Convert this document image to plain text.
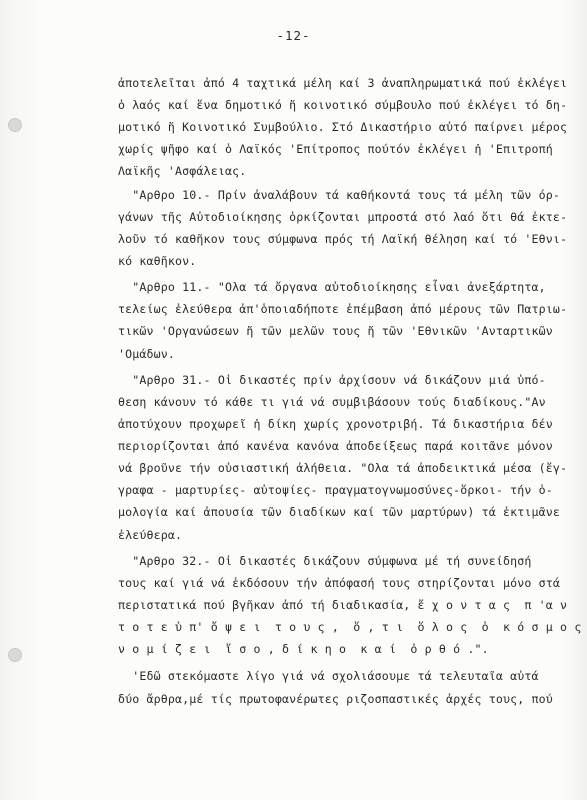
-12-
ἀποτελεῖται ἀπό 4 ταχτικά μέλη καί 3 ἀναπληρωματικά πού ἐκλέγει
ὁ λαός καί ἕνα δημοτικό ἤ κοινοτικό σύμβουλο πού ἐκλέγει τό δη-
μοτικό ἤ Κοινοτικό Συμβούλιο. Στό Δικαστήριο αὐτό παίρνει μέρος
χωρίς ψῆφο καί ὁ Λαϊκός 'Επίτροπος πούτόν ἐκλέγει ἡ 'Επιτροπή
Λαϊκῆς 'Ασφάλειας.
"Αρθρο 10.- Πρίν ἀναλάβουν τά καθήκοντά τους τά μέλη τῶν όρ-
γάνων τῆς Αὐτοδιοίκησης ὁρκίζονται μπροστά στό λαό ὅτι θά ἐκτε-
λοῦν τό καθῆκον τους σύμφωνα πρός τή Λαϊκή θέληση καί τό 'Εθνι-
κό καθῆκον.
"Αρθρο 11.- "Ολα τά ὄργανα αὐτοδιοίκησης εἶναι ἀνεξάρτητα,
τελείως ἐλεύθερα ἀπ'ὁποιαδήποτε ἐπέμβαση ἀπό μέρους τῶν Πατριω-
τικῶν 'Οργανώσεων ἤ τῶν μελῶν τους ἤ τῶν 'Εθνικῶν 'Ανταρτικῶν
'Ομάδων.
"Αρθρο 31.- Οἱ δικαστές πρίν ἀρχίσουν νά δικάζουν μιά ὑπό-
θεση κάνουν τό κάθε τι γιά νά συμβιβάσουν τούς διαδίκους."Αν
ἀποτύχουν προχωρεῖ ἡ δίκη χωρίς χρονοτριβή. Τά δικαστήρια δέν
περιορίζονται ἀπό κανένα κανόνα ἀποδείξεως παρά κοιτᾶνε μόνον
νά βροῦνε τήν οὐσιαστική ἀλήθεια. "Ολα τά ἀποδεικτικά μέσα (ἔγ-
γραφα - μαρτυρίες- αὐτοψίες- πραγματογνωμοσύνες-ὅρκοι- τήν ὁ-
μολογία καί ἀπουσία τῶν διαδίκων καί τῶν μαρτύρων) τά ἐκτιμᾶνε
ἐλεύθερα.
"Αρθρο 32.- Οἱ δικαστές δικάζουν σύμφωνα μέ τή συνείδησή
τους καί γιά νά ἐκδόσουν τήν ἀπόφασή τους στηρίζονται μόνο στά
περιστατικά πού βγῆκαν ἀπό τή διαδικασία, ἔ χ ο ν τ α ς  π 'α ν
τ ο τ ε ὑ π' ὄ ψ ε ι  τ ο υ ς ,  ὅ , τ ι  ὅ λ ο ς  ὁ  κ ό σ μ ο ς
ν ο μ ί ζ ε ι  ἴ σ ο , δ ί κ η ο  κ α ί  ὀ ρ θ ό .".
'Εδῶ στεκόμαστε λίγο γιά νά σχολιάσουμε τά τελευταῖα αὐτά
δύο ἄρθρα,μέ τίς πρωτοφανέρωτες ριζοσπαστικές ἀρχές τους, πού
